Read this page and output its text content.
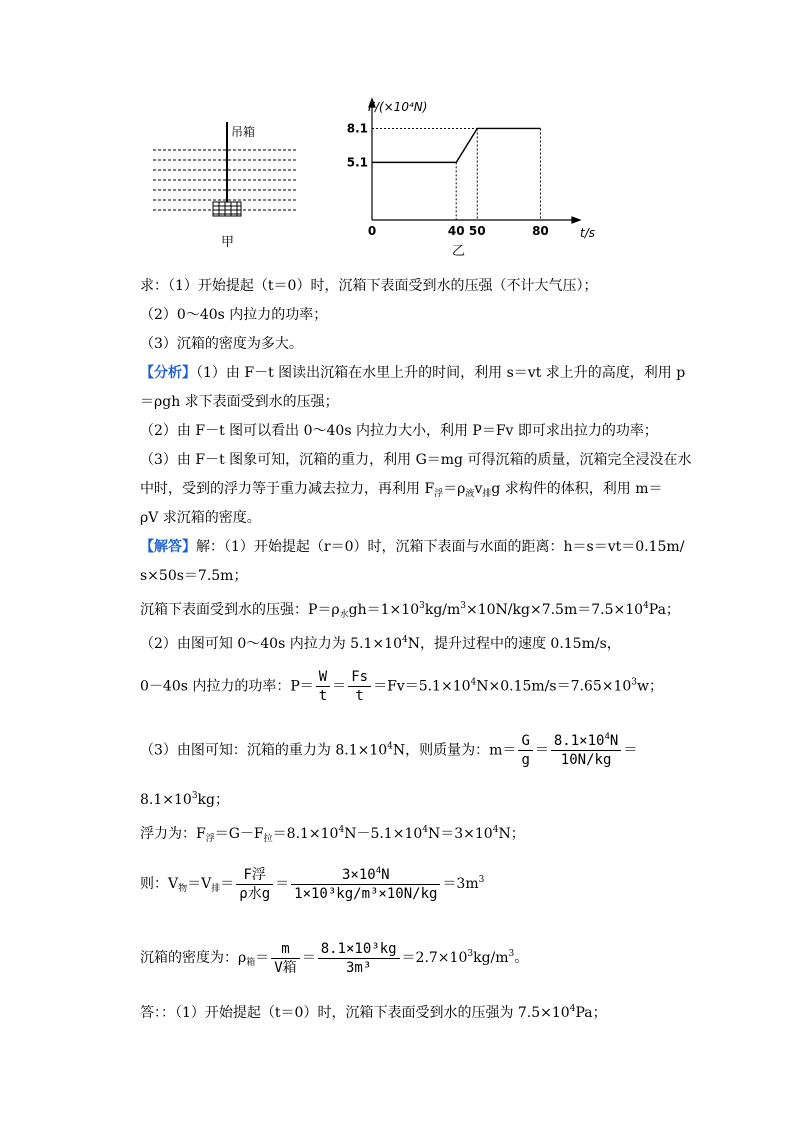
吊箱
甲
F/(×10⁴N)
t/s
乙
5.1
8.1
0	40 50	80
求：（1）开始提起（t＝0）时，沉箱下表面受到水的压强（不计大气压）；
（2）0～40s 内拉力的功率；
（3）沉箱的密度为多大。
【分析】（1）由 F－t 图读出沉箱在水里上升的时间，利用 s＝vt 求上升的高度，利用 p
＝ρgh 求下表面受到水的压强；
（2）由 F－t 图可以看出 0～40s 内拉力大小，利用 P＝Fv 即可求出拉力的功率；
（3）由 F－t 图象可知，沉箱的重力，利用 G＝mg 可得沉箱的质量，沉箱完全浸没在水
中时，受到的浮力等于重力减去拉力，再利用 $F_浮=\rho_液v_排g$ 求构件的体积，利用 m＝
ρV 求沉箱的密度。
【解答】解：（1）开始提起（r＝0）时，沉箱下表面与水面的距离：h＝s＝vt＝0.15m/
s×50s＝7.5m；
沉箱下表面受到水的压强：$P=\rho_水gh=1\times 10^3kg/m^3\times 10N/kg\times 7.5m=7.5\times 10^4Pa$；
（2）由图可知 0～40s 内拉力为 $5.1\times 10^4N$，提升过程中的速度 0.15m/s，
0－40s 内拉力的功率：$P= \frac{W}{t} = \frac{Fs}{t} =Fv=5.1\times 10^4N\times 0.15m/s=7.65\times 10^3w$；
（3）由图可知：沉箱的重力为 $8.1\times 10^4N$，则质量为：$m= \frac{G}{g} = \frac{8.1\times 10^4N}{10N/kg}$ ＝
$8.1\times 10^3kg$；
浮力为：$F_浮=G-F_拉=8.1\times 10^4N-5.1\times 10^4N=3\times 10^4N$；
则：$V_物=V_排= \frac{\text{F浮}}{\text{ρ水g}} = \frac{3\times 10^4N}{\text{1×10³kg/m³×10N/kg}} =3m^3$
沉箱的密度为：$\rho_箱= \frac{m}{\text{V箱}} = \frac{\text{8.1×10³kg}}{\text{3m³}} =2.7\times 10^3kg/m^3$。
答：：（1）开始提起（t＝0）时，沉箱下表面受到水的压强为 $7.5\times 10^4Pa$；
